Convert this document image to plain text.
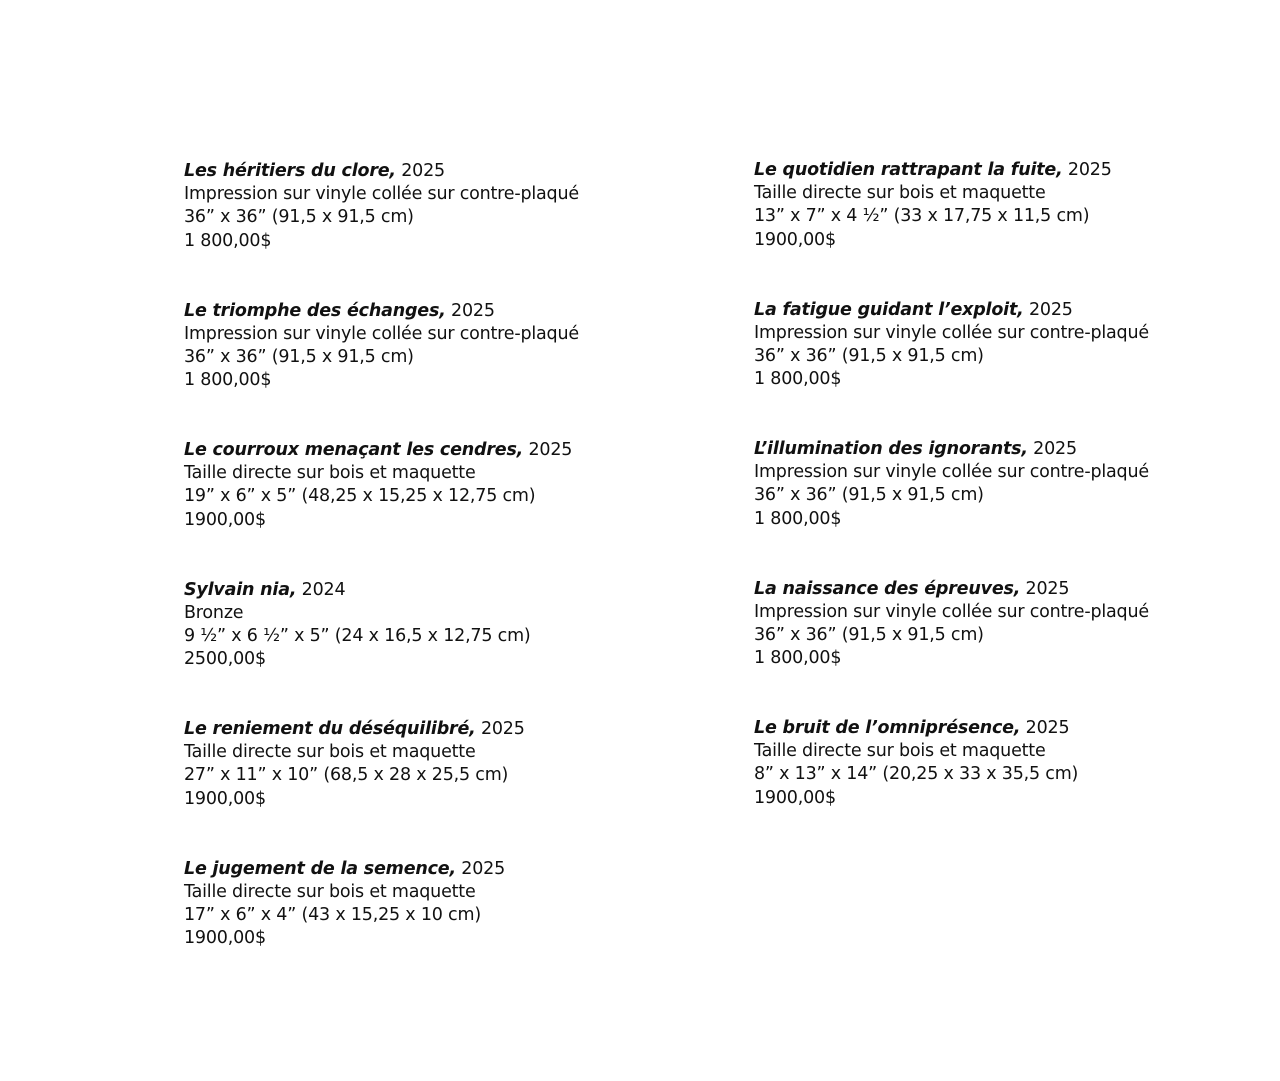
Les héritiers du clore, 2025
Impression sur vinyle collée sur contre-plaqué
36” x 36” (91,5 x 91,5 cm)
1 800,00$
Le triomphe des échanges, 2025
Impression sur vinyle collée sur contre-plaqué
36” x 36” (91,5 x 91,5 cm)
1 800,00$
Le courroux menaçant les cendres, 2025
Taille directe sur bois et maquette
19” x 6” x 5” (48,25 x 15,25 x 12,75 cm)
1900,00$
Sylvain nia, 2024
Bronze
9 ½” x 6 ½” x 5” (24 x 16,5 x 12,75 cm)
2500,00$
Le reniement du déséquilibré, 2025
Taille directe sur bois et maquette
27” x 11” x 10” (68,5 x 28 x 25,5 cm)
1900,00$
Le jugement de la semence, 2025
Taille directe sur bois et maquette
17” x 6” x 4” (43 x 15,25 x 10 cm)
1900,00$
Le quotidien rattrapant la fuite, 2025
Taille directe sur bois et maquette
13” x 7” x 4 ½” (33 x 17,75 x 11,5 cm)
1900,00$
La fatigue guidant l’exploit, 2025
Impression sur vinyle collée sur contre-plaqué
36” x 36” (91,5 x 91,5 cm)
1 800,00$
L’illumination des ignorants, 2025
Impression sur vinyle collée sur contre-plaqué
36” x 36” (91,5 x 91,5 cm)
1 800,00$
La naissance des épreuves, 2025
Impression sur vinyle collée sur contre-plaqué
36” x 36” (91,5 x 91,5 cm)
1 800,00$
Le bruit de l’omniprésence, 2025
Taille directe sur bois et maquette
8” x 13” x 14” (20,25 x 33 x 35,5 cm)
1900,00$
